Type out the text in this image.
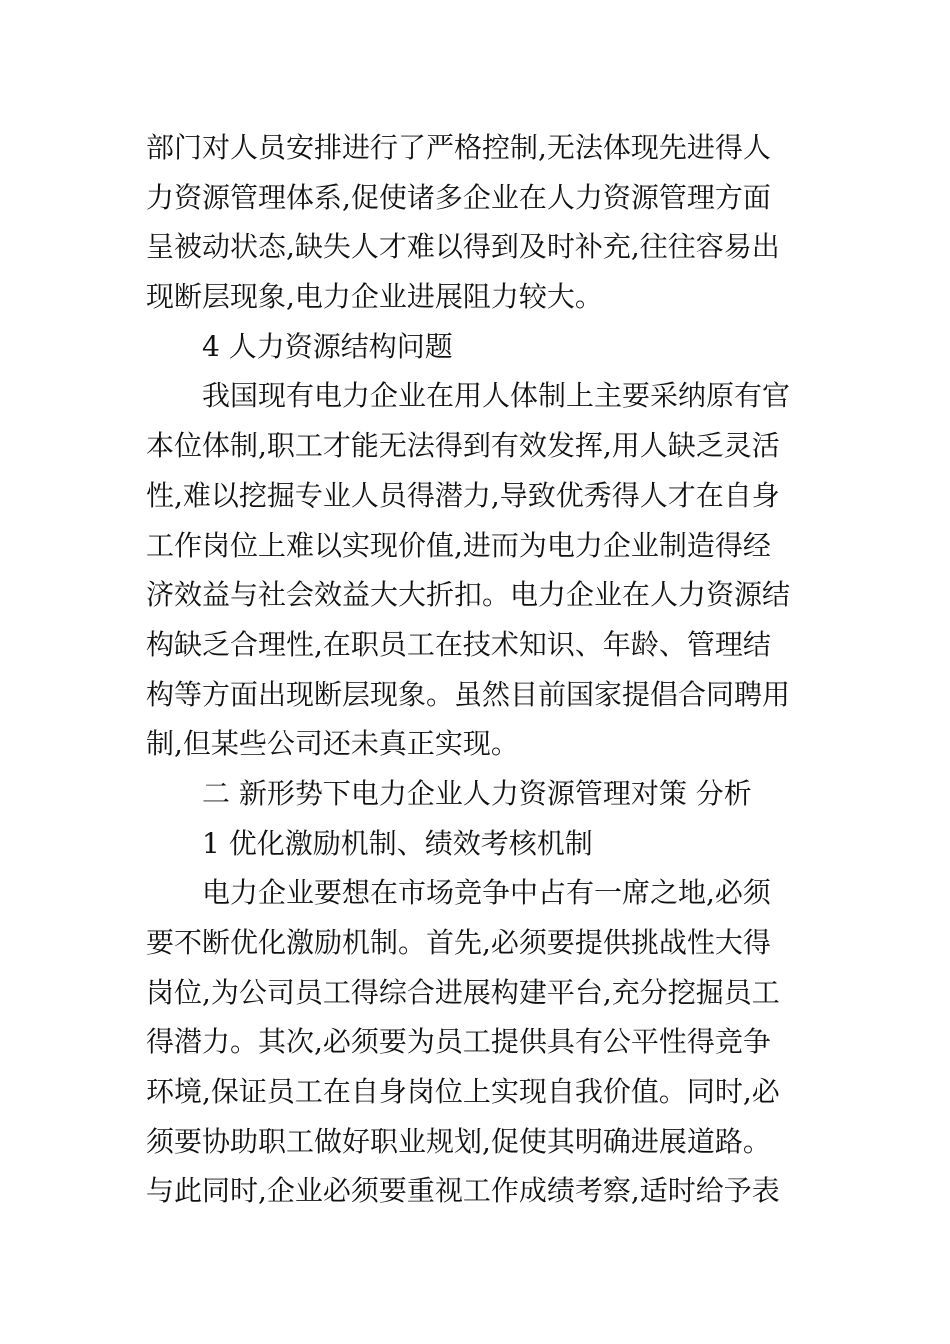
部门对人员安排进行了严格控制,无法体现先进得人
力资源管理体系,促使诸多企业在人力资源管理方面
呈被动状态,缺失人才难以得到及时补充,往往容易出
现断层现象,电力企业进展阻力较大。
4 人力资源结构问题
我国现有电力企业在用人体制上主要采纳原有官
本位体制,职工才能无法得到有效发挥,用人缺乏灵活
性,难以挖掘专业人员得潜力,导致优秀得人才在自身
工作岗位上难以实现价值,进而为电力企业制造得经
济效益与社会效益大大折扣。电力企业在人力资源结
构缺乏合理性,在职员工在技术知识、年龄、管理结
构等方面出现断层现象。虽然目前国家提倡合同聘用
制,但某些公司还未真正实现。
二 新形势下电力企业人力资源管理对策 分析
1 优化激励机制、绩效考核机制
电力企业要想在市场竞争中占有一席之地,必须
要不断优化激励机制。首先,必须要提供挑战性大得
岗位,为公司员工得综合进展构建平台,充分挖掘员工
得潜力。其次,必须要为员工提供具有公平性得竞争
环境,保证员工在自身岗位上实现自我价值。同时,必
须要协助职工做好职业规划,促使其明确进展道路。
与此同时,企业必须要重视工作成绩考察,适时给予表
